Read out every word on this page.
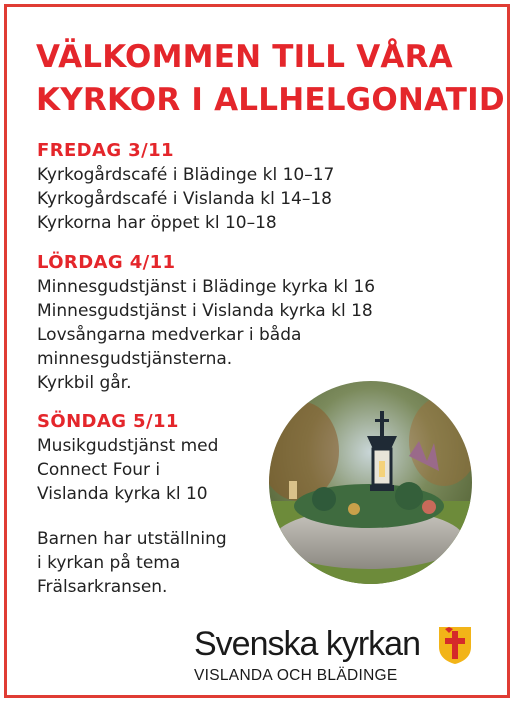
VÄLKOMMEN TILL VÅRA
KYRKOR I ALLHELGONATID
FREDAG 3/11
Kyrkogårdscafé i Blädinge kl 10–17
Kyrkogårdscafé i Vislanda kl 14–18
Kyrkorna har öppet kl 10–18
LÖRDAG 4/11
Minnesgudstjänst i Blädinge kyrka kl 16
Minnesgudstjänst i Vislanda kyrka kl 18
Lovsångarna medverkar i båda
minnesgudstjänsterna.
Kyrkbil går.
SÖNDAG 5/11
Musikgudstjänst med
Connect Four i
Vislanda kyrka kl 10
Barnen har utställning
i kyrkan på tema
Frälsarkransen.
Svenska kyrkan
VISLANDA OCH BLÄDINGE
